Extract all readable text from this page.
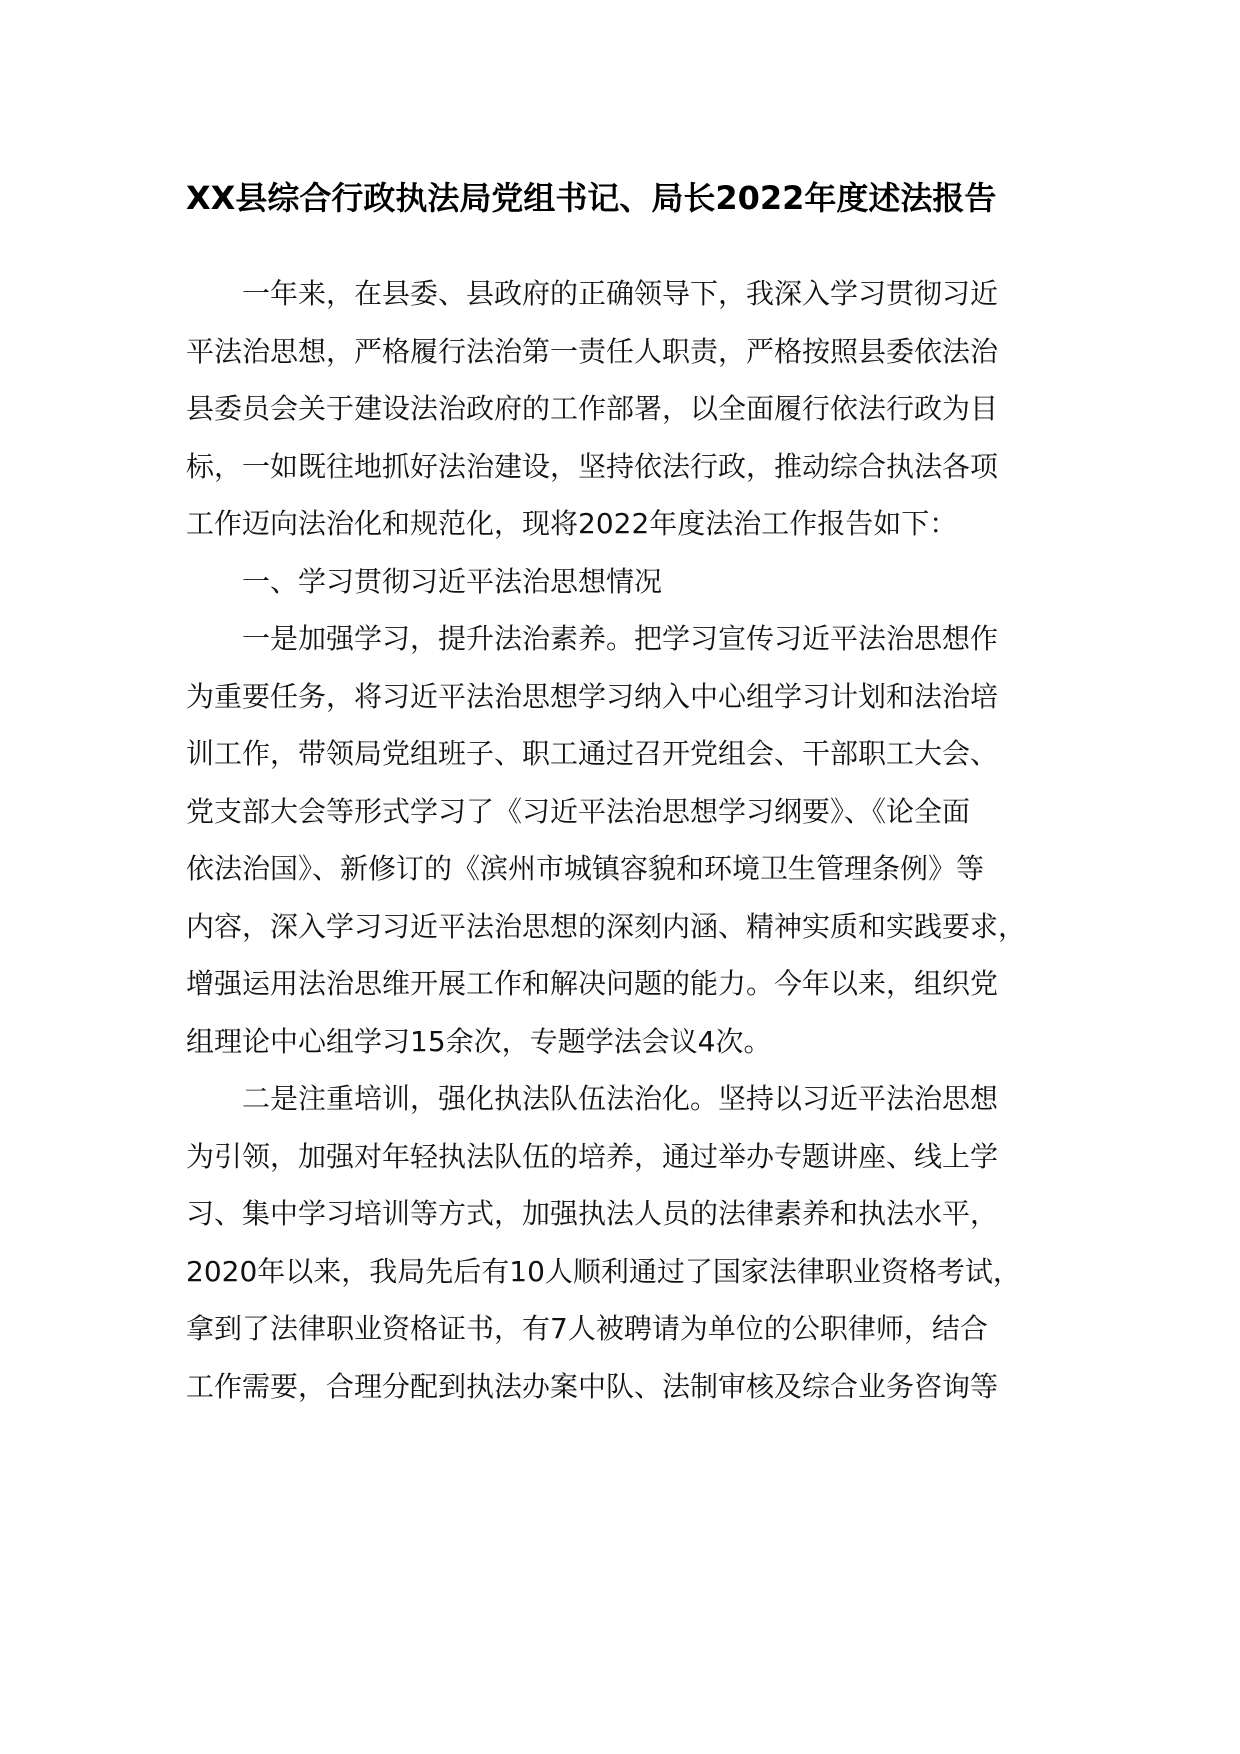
XX县综合行政执法局党组书记、局长2022年度述法报告
一年来，在县委、县政府的正确领导下，我深入学习贯彻习近
平法治思想，严格履行法治第一责任人职责，严格按照县委依法治
县委员会关于建设法治政府的工作部署，以全面履行依法行政为目
标，一如既往地抓好法治建设，坚持依法行政，推动综合执法各项
工作迈向法治化和规范化，现将2022年度法治工作报告如下：
一、学习贯彻习近平法治思想情况
一是加强学习，提升法治素养。把学习宣传习近平法治思想作
为重要任务，将习近平法治思想学习纳入中心组学习计划和法治培
训工作，带领局党组班子、职工通过召开党组会、干部职工大会、
党支部大会等形式学习了《习近平法治思想学习纲要》、《论全面
依法治国》、新修订的《滨州市城镇容貌和环境卫生管理条例》等
内容，深入学习习近平法治思想的深刻内涵、精神实质和实践要求，
增强运用法治思维开展工作和解决问题的能力。今年以来，组织党
组理论中心组学习15余次，专题学法会议4次。
二是注重培训，强化执法队伍法治化。坚持以习近平法治思想
为引领，加强对年轻执法队伍的培养，通过举办专题讲座、线上学
习、集中学习培训等方式，加强执法人员的法律素养和执法水平，
2020年以来，我局先后有10人顺利通过了国家法律职业资格考试，
拿到了法律职业资格证书，有7人被聘请为单位的公职律师，结合
工作需要，合理分配到执法办案中队、法制审核及综合业务咨询等
